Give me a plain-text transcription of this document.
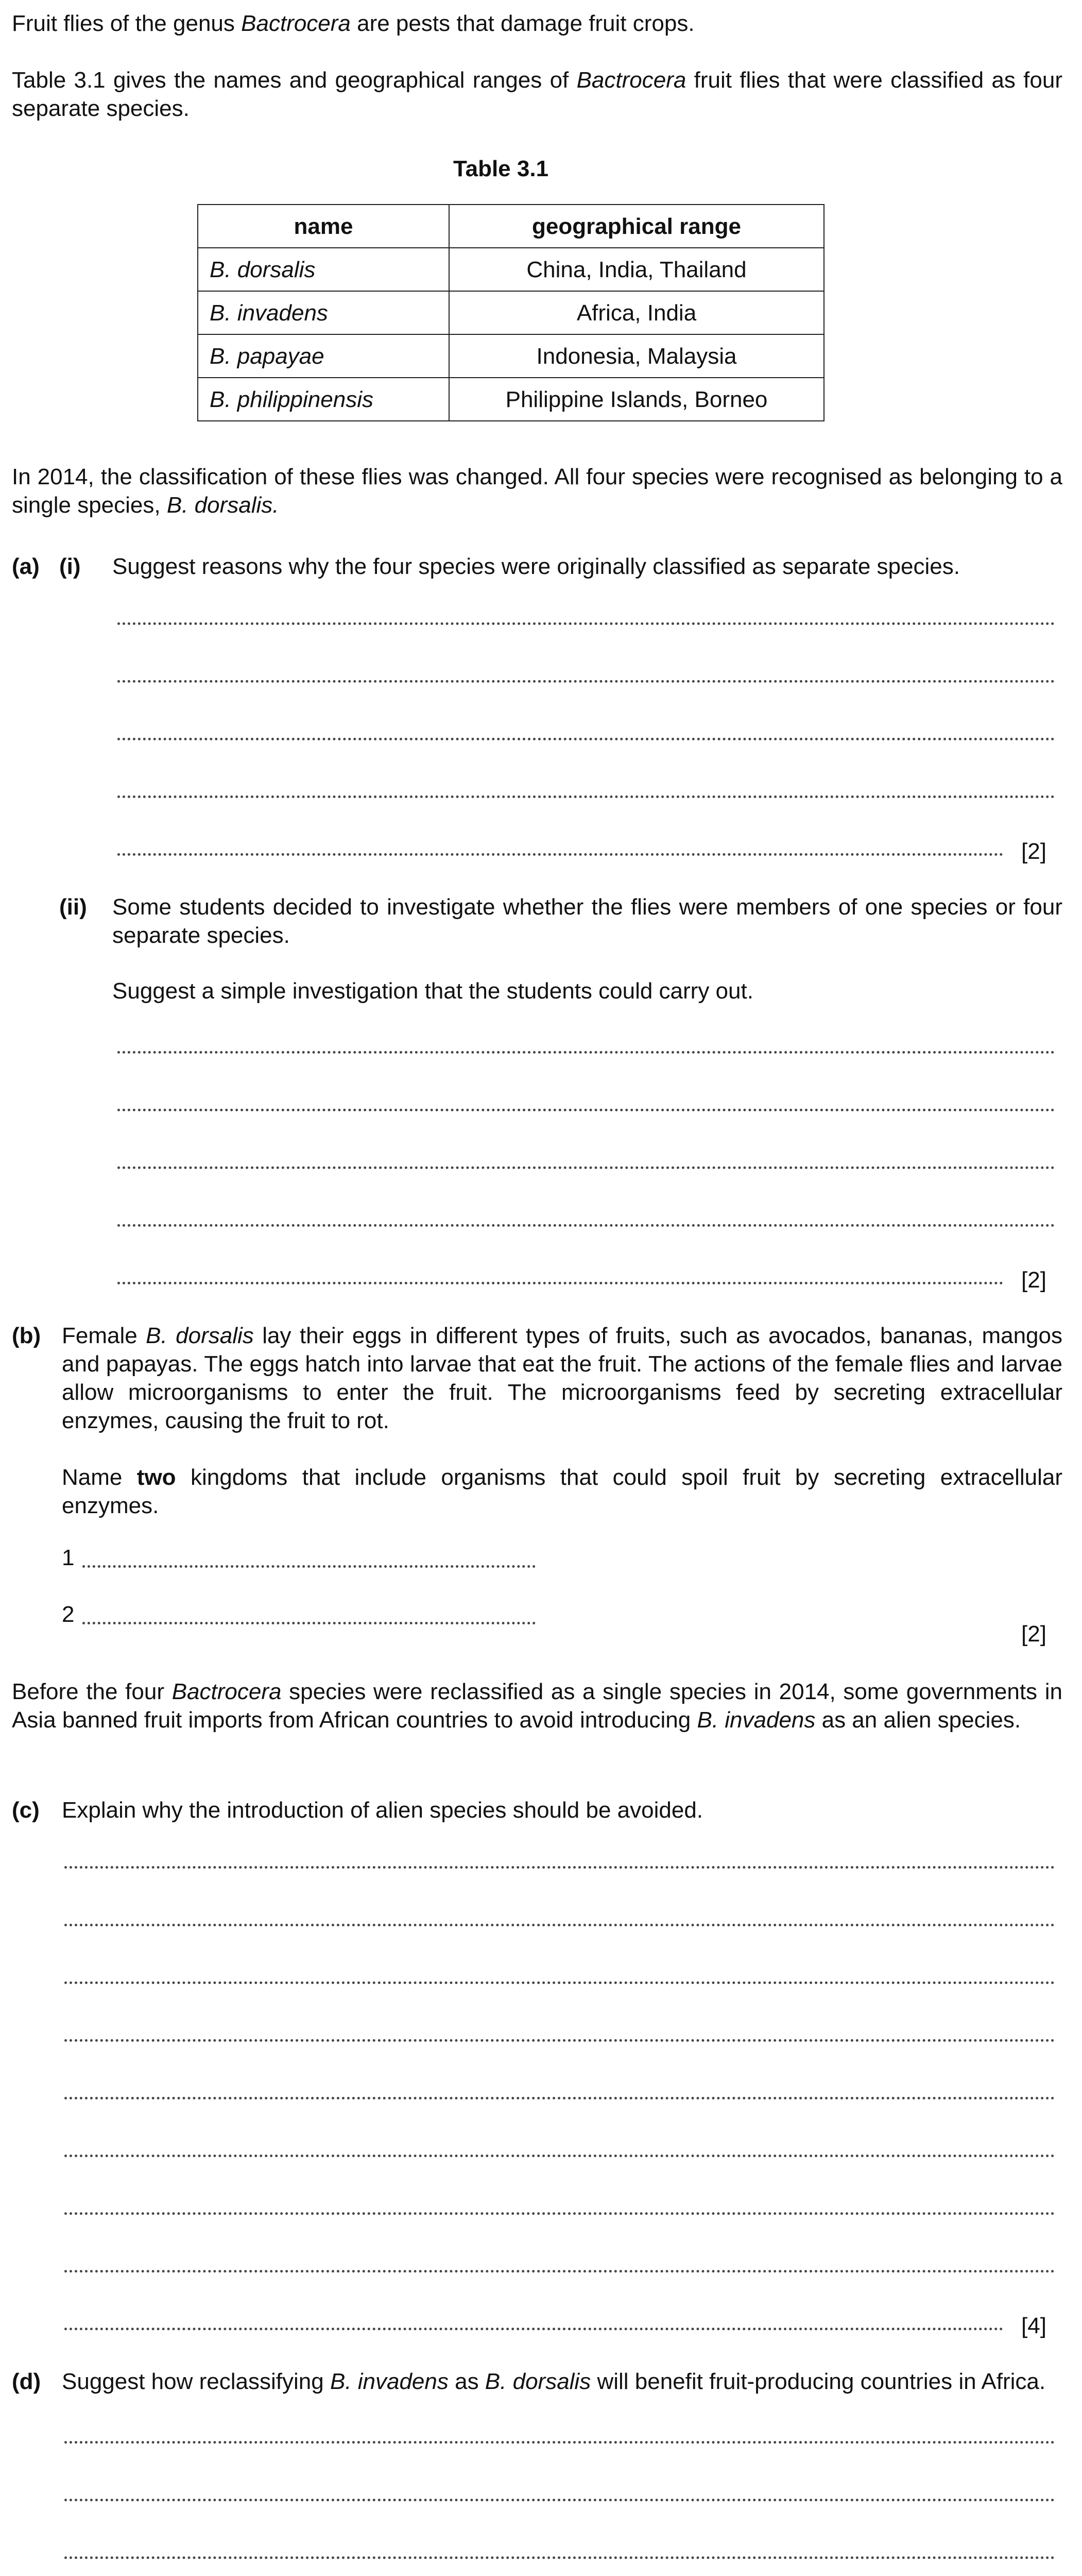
Fruit flies of the genus Bactrocera are pests that damage fruit crops.
Table 3.1 gives the names and geographical ranges of Bactrocera fruit flies that were classified as four separate species.
Table 3.1
name	geographical range
B. dorsalis	China, India, Thailand
B. invadens	Africa, India
B. papayae	Indonesia, Malaysia
B. philippinensis	Philippine Islands, Borneo
In 2014, the classification of these flies was changed. All four species were recognised as belonging to a single species, B. dorsalis.
(a) (i) Suggest reasons why the four species were originally classified as separate species.
[2]
(ii) Some students decided to investigate whether the flies were members of one species or four separate species.
Suggest a simple investigation that the students could carry out.
[2]
(b) Female B. dorsalis lay their eggs in different types of fruits, such as avocados, bananas, mangos and papayas. The eggs hatch into larvae that eat the fruit. The actions of the female flies and larvae allow microorganisms to enter the fruit. The microorganisms feed by secreting extracellular enzymes, causing the fruit to rot.
Name two kingdoms that include organisms that could spoil fruit by secreting extracellular enzymes.
1
2
[2]
Before the four Bactrocera species were reclassified as a single species in 2014, some governments in Asia banned fruit imports from African countries to avoid introducing B. invadens as an alien species.
(c) Explain why the introduction of alien species should be avoided.
[4]
(d) Suggest how reclassifying B. invadens as B. dorsalis will benefit fruit-producing countries in Africa.
